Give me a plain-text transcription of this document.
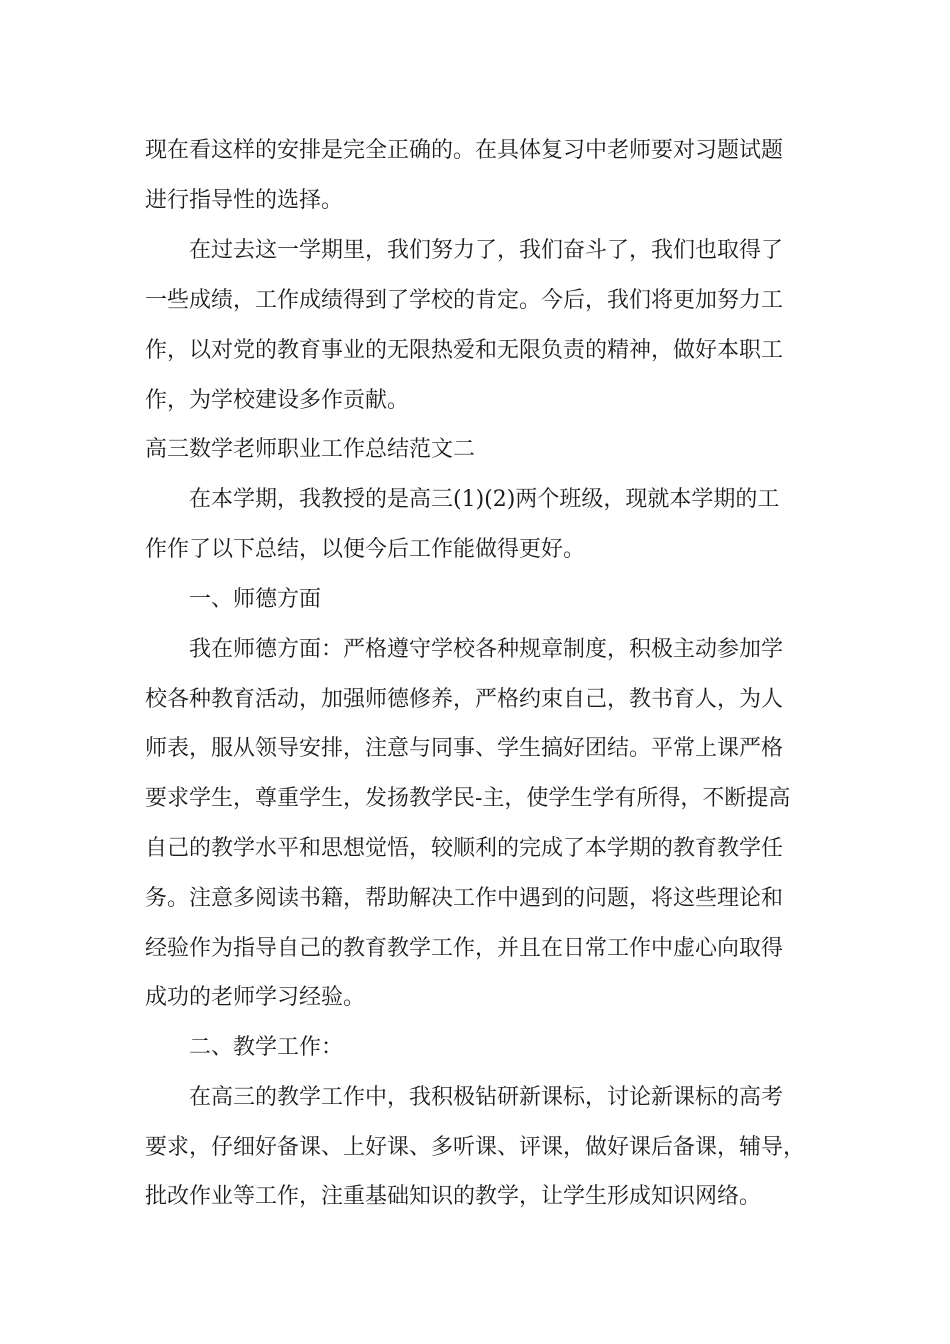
现在看这样的安排是完全正确的。在具体复习中老师要对习题试题
进行指导性的选择。
在过去这一学期里，我们努力了，我们奋斗了，我们也取得了
一些成绩，工作成绩得到了学校的肯定。今后，我们将更加努力工
作，以对党的教育事业的无限热爱和无限负责的精神，做好本职工
作，为学校建设多作贡献。
高三数学老师职业工作总结范文二
在本学期，我教授的是高三(1)(2)两个班级，现就本学期的工
作作了以下总结，以便今后工作能做得更好。
一、师德方面
我在师德方面：严格遵守学校各种规章制度，积极主动参加学
校各种教育活动，加强师德修养，严格约束自己，教书育人，为人
师表，服从领导安排，注意与同事、学生搞好团结。平常上课严格
要求学生，尊重学生，发扬教学民-主，使学生学有所得，不断提高
自己的教学水平和思想觉悟，较顺利的完成了本学期的教育教学任
务。注意多阅读书籍，帮助解决工作中遇到的问题，将这些理论和
经验作为指导自己的教育教学工作，并且在日常工作中虚心向取得
成功的老师学习经验。
二、教学工作：
在高三的教学工作中，我积极钻研新课标，讨论新课标的高考
要求，仔细好备课、上好课、多听课、评课，做好课后备课，辅导，
批改作业等工作，注重基础知识的教学，让学生形成知识网络。
